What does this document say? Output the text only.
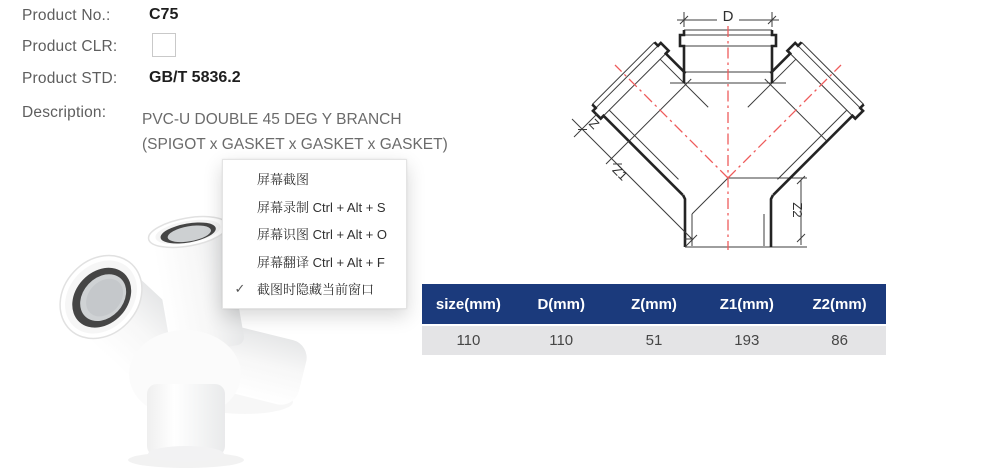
Product No.: C75
Product CLR:
Product STD: GB/T 5836.2
Description: PVC-U DOUBLE 45 DEG Y BRANCH
(SPIGOT x GASKET x GASKET x GASKET)
屏幕截图
屏幕录制 Ctrl + Alt + S
屏幕识图 Ctrl + Alt + O
屏幕翻译 Ctrl + Alt + F
✓ 截图时隐藏当前窗口
D
Z
Z1
Z2
size(mm)	D(mm)	Z(mm)	Z1(mm)	Z2(mm)
110	110	51	193	86
